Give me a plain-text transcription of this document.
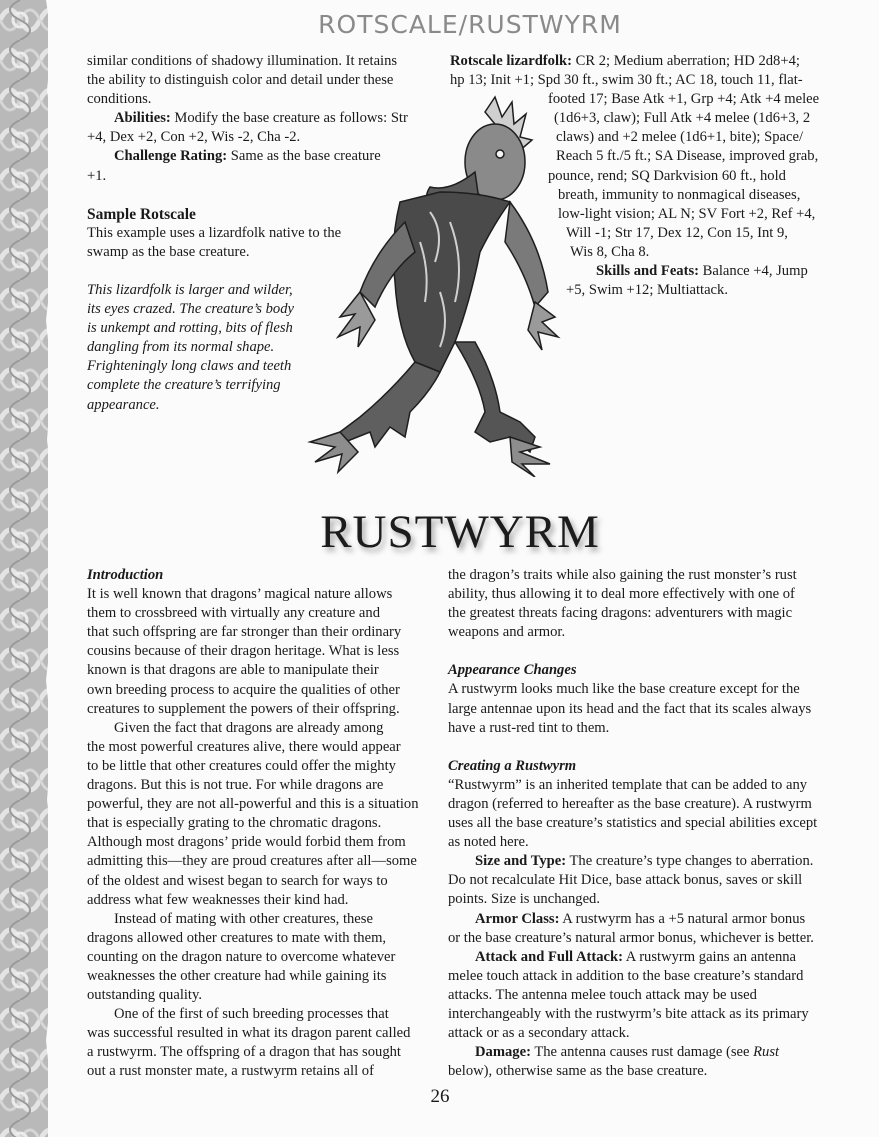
ROTSCALE/RUSTWYRM

similar conditions of shadowy illumination. It retains

the ability to distinguish color and detail under these

conditions.

Abilities: Modify the base creature as follows: Str

+4, Dex +2, Con +2, Wis -2, Cha -2.

Challenge Rating: Same as the base creature

+1.

Sample Rotscale

This example uses a lizardfolk native to the

swamp as the base creature.

This lizardfolk is larger and wilder,

its eyes crazed. The creature’s body

is unkempt and rotting, bits of flesh

dangling from its normal shape.

Frighteningly long claws and teeth

complete the creature’s terrifying

appearance.

Rotscale lizardfolk: CR 2; Medium aberration; HD 2d8+4;

hp 13; Init +1; Spd 30 ft., swim 30 ft.; AC 18, touch 11, flat-

footed 17; Base Atk +1, Grp +4; Atk +4 melee

(1d6+3, claw); Full Atk +4 melee (1d6+3, 2

claws) and +2 melee (1d6+1, bite); Space/

Reach 5 ft./5 ft.; SA Disease, improved grab,

pounce, rend; SQ Darkvision 60 ft., hold

breath, immunity to nonmagical diseases,

low-light vision; AL N; SV Fort +2, Ref +4,

Will -1; Str 17, Dex 12, Con 15, Int 9,

Wis 8, Cha 8.

Skills and Feats: Balance +4, Jump

+5, Swim +12; Multiattack.

RUSTWYRM

Introduction

It is well known that dragons’ magical nature allows

them to crossbreed with virtually any creature and

that such offspring are far stronger than their ordinary

cousins because of their dragon heritage. What is less

known is that dragons are able to manipulate their

own breeding process to acquire the qualities of other

creatures to supplement the powers of their offspring.

Given the fact that dragons are already among

the most powerful creatures alive, there would appear

to be little that other creatures could offer the mighty

dragons. But this is not true. For while dragons are

powerful, they are not all-powerful and this is a situation

that is especially grating to the chromatic dragons.

Although most dragons’ pride would forbid them from

admitting this—they are proud creatures after all—some

of the oldest and wisest began to search for ways to

address what few weaknesses their kind had.

Instead of mating with other creatures, these

dragons allowed other creatures to mate with them,

counting on the dragon nature to overcome whatever

weaknesses the other creature had while gaining its

outstanding quality.

One of the first of such breeding processes that

was successful resulted in what its dragon parent called

a rustwyrm. The offspring of a dragon that has sought

out a rust monster mate, a rustwyrm retains all of

the dragon’s traits while also gaining the rust monster’s rust

ability, thus allowing it to deal more effectively with one of

the greatest threats facing dragons: adventurers with magic

weapons and armor.

Appearance Changes

A rustwyrm looks much like the base creature except for the

large antennae upon its head and the fact that its scales always

have a rust-red tint to them.

Creating a Rustwyrm

“Rustwyrm” is an inherited template that can be added to any

dragon (referred to hereafter as the base creature). A rustwyrm

uses all the base creature’s statistics and special abilities except

as noted here.

Size and Type: The creature’s type changes to aberration.

Do not recalculate Hit Dice, base attack bonus, saves or skill

points. Size is unchanged.

Armor Class: A rustwyrm has a +5 natural armor bonus

or the base creature’s natural armor bonus, whichever is better.

Attack and Full Attack: A rustwyrm gains an antenna

melee touch attack in addition to the base creature’s standard

attacks. The antenna melee touch attack may be used

interchangeably with the rustwyrm’s bite attack as its primary

attack or as a secondary attack.

Damage: The antenna causes rust damage (see Rust

below), otherwise same as the base creature.

26
